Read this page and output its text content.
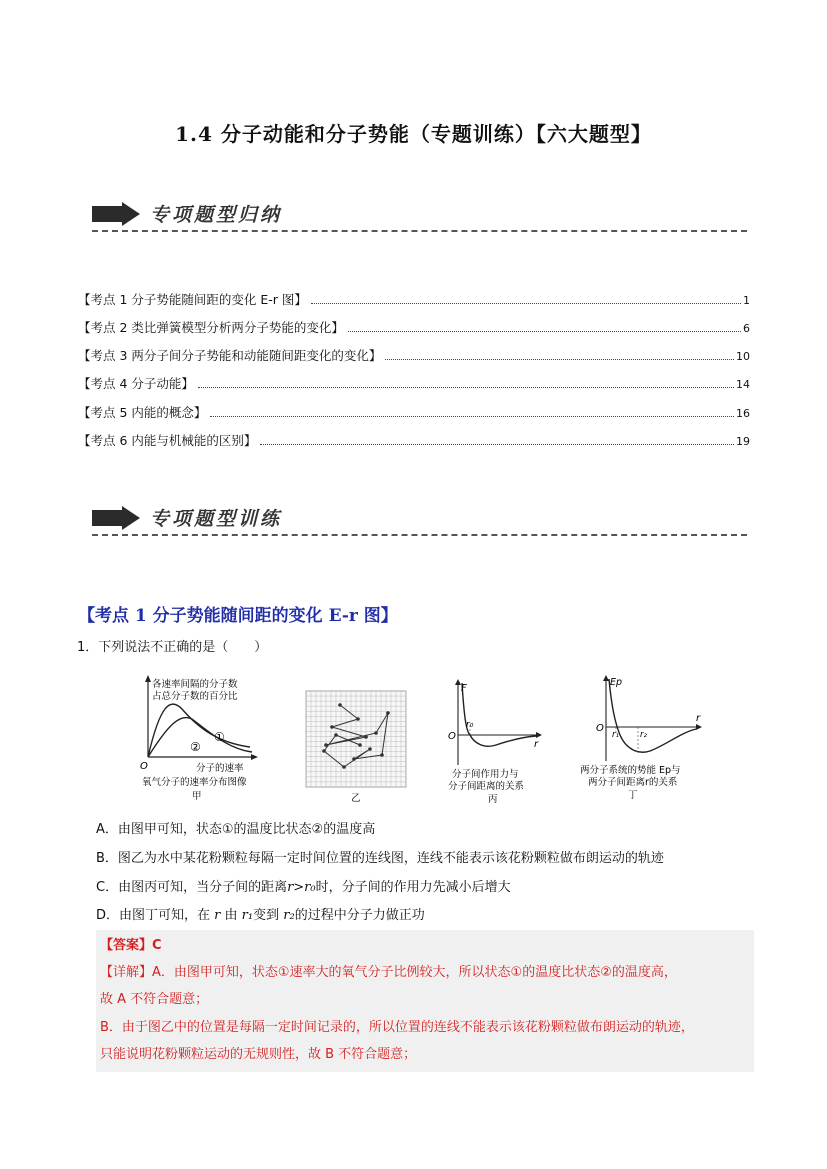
1.4 分子动能和分子势能（专题训练）【六大题型】
专项题型归纳
【考点 1 分子势能随间距的变化 E-r 图】	1
【考点 2 类比弹簧模型分析两分子势能的变化】	6
【考点 3 两分子间分子势能和动能随间距变化的变化】	10
【考点 4 分子动能】	14
【考点 5 内能的概念】	16
【考点 6 内能与机械能的区别】	19
专项题型训练
【考点 1 分子势能随间距的变化 E-r 图】
1．下列说法不正确的是（　　）
各速率间隔的分子数
占总分子数的百分比
①
②
O	分子的速率
氧气分子的速率分布图像
甲	乙
F
r
O
r₀
分子间作用力与
分子间距离的关系
丙
Ep
r
O
r₁ r₂
两分子系统的势能 Ep与
两分子间距离r的关系
丁
A．由图甲可知，状态①的温度比状态②的温度高
B．图乙为水中某花粉颗粒每隔一定时间位置的连线图，连线不能表示该花粉颗粒做布朗运动的轨迹
C．由图丙可知，当分子间的距离r>r₀时，分子间的作用力先减小后增大
D．由图丁可知，在 r 由 r₁变到 r₂的过程中分子力做正功
【答案】C
【详解】A．由图甲可知，状态①速率大的氧气分子比例较大，所以状态①的温度比状态②的温度高，
故 A 不符合题意；
B．由于图乙中的位置是每隔一定时间记录的，所以位置的连线不能表示该花粉颗粒做布朗运动的轨迹，
只能说明花粉颗粒运动的无规则性，故 B 不符合题意；
